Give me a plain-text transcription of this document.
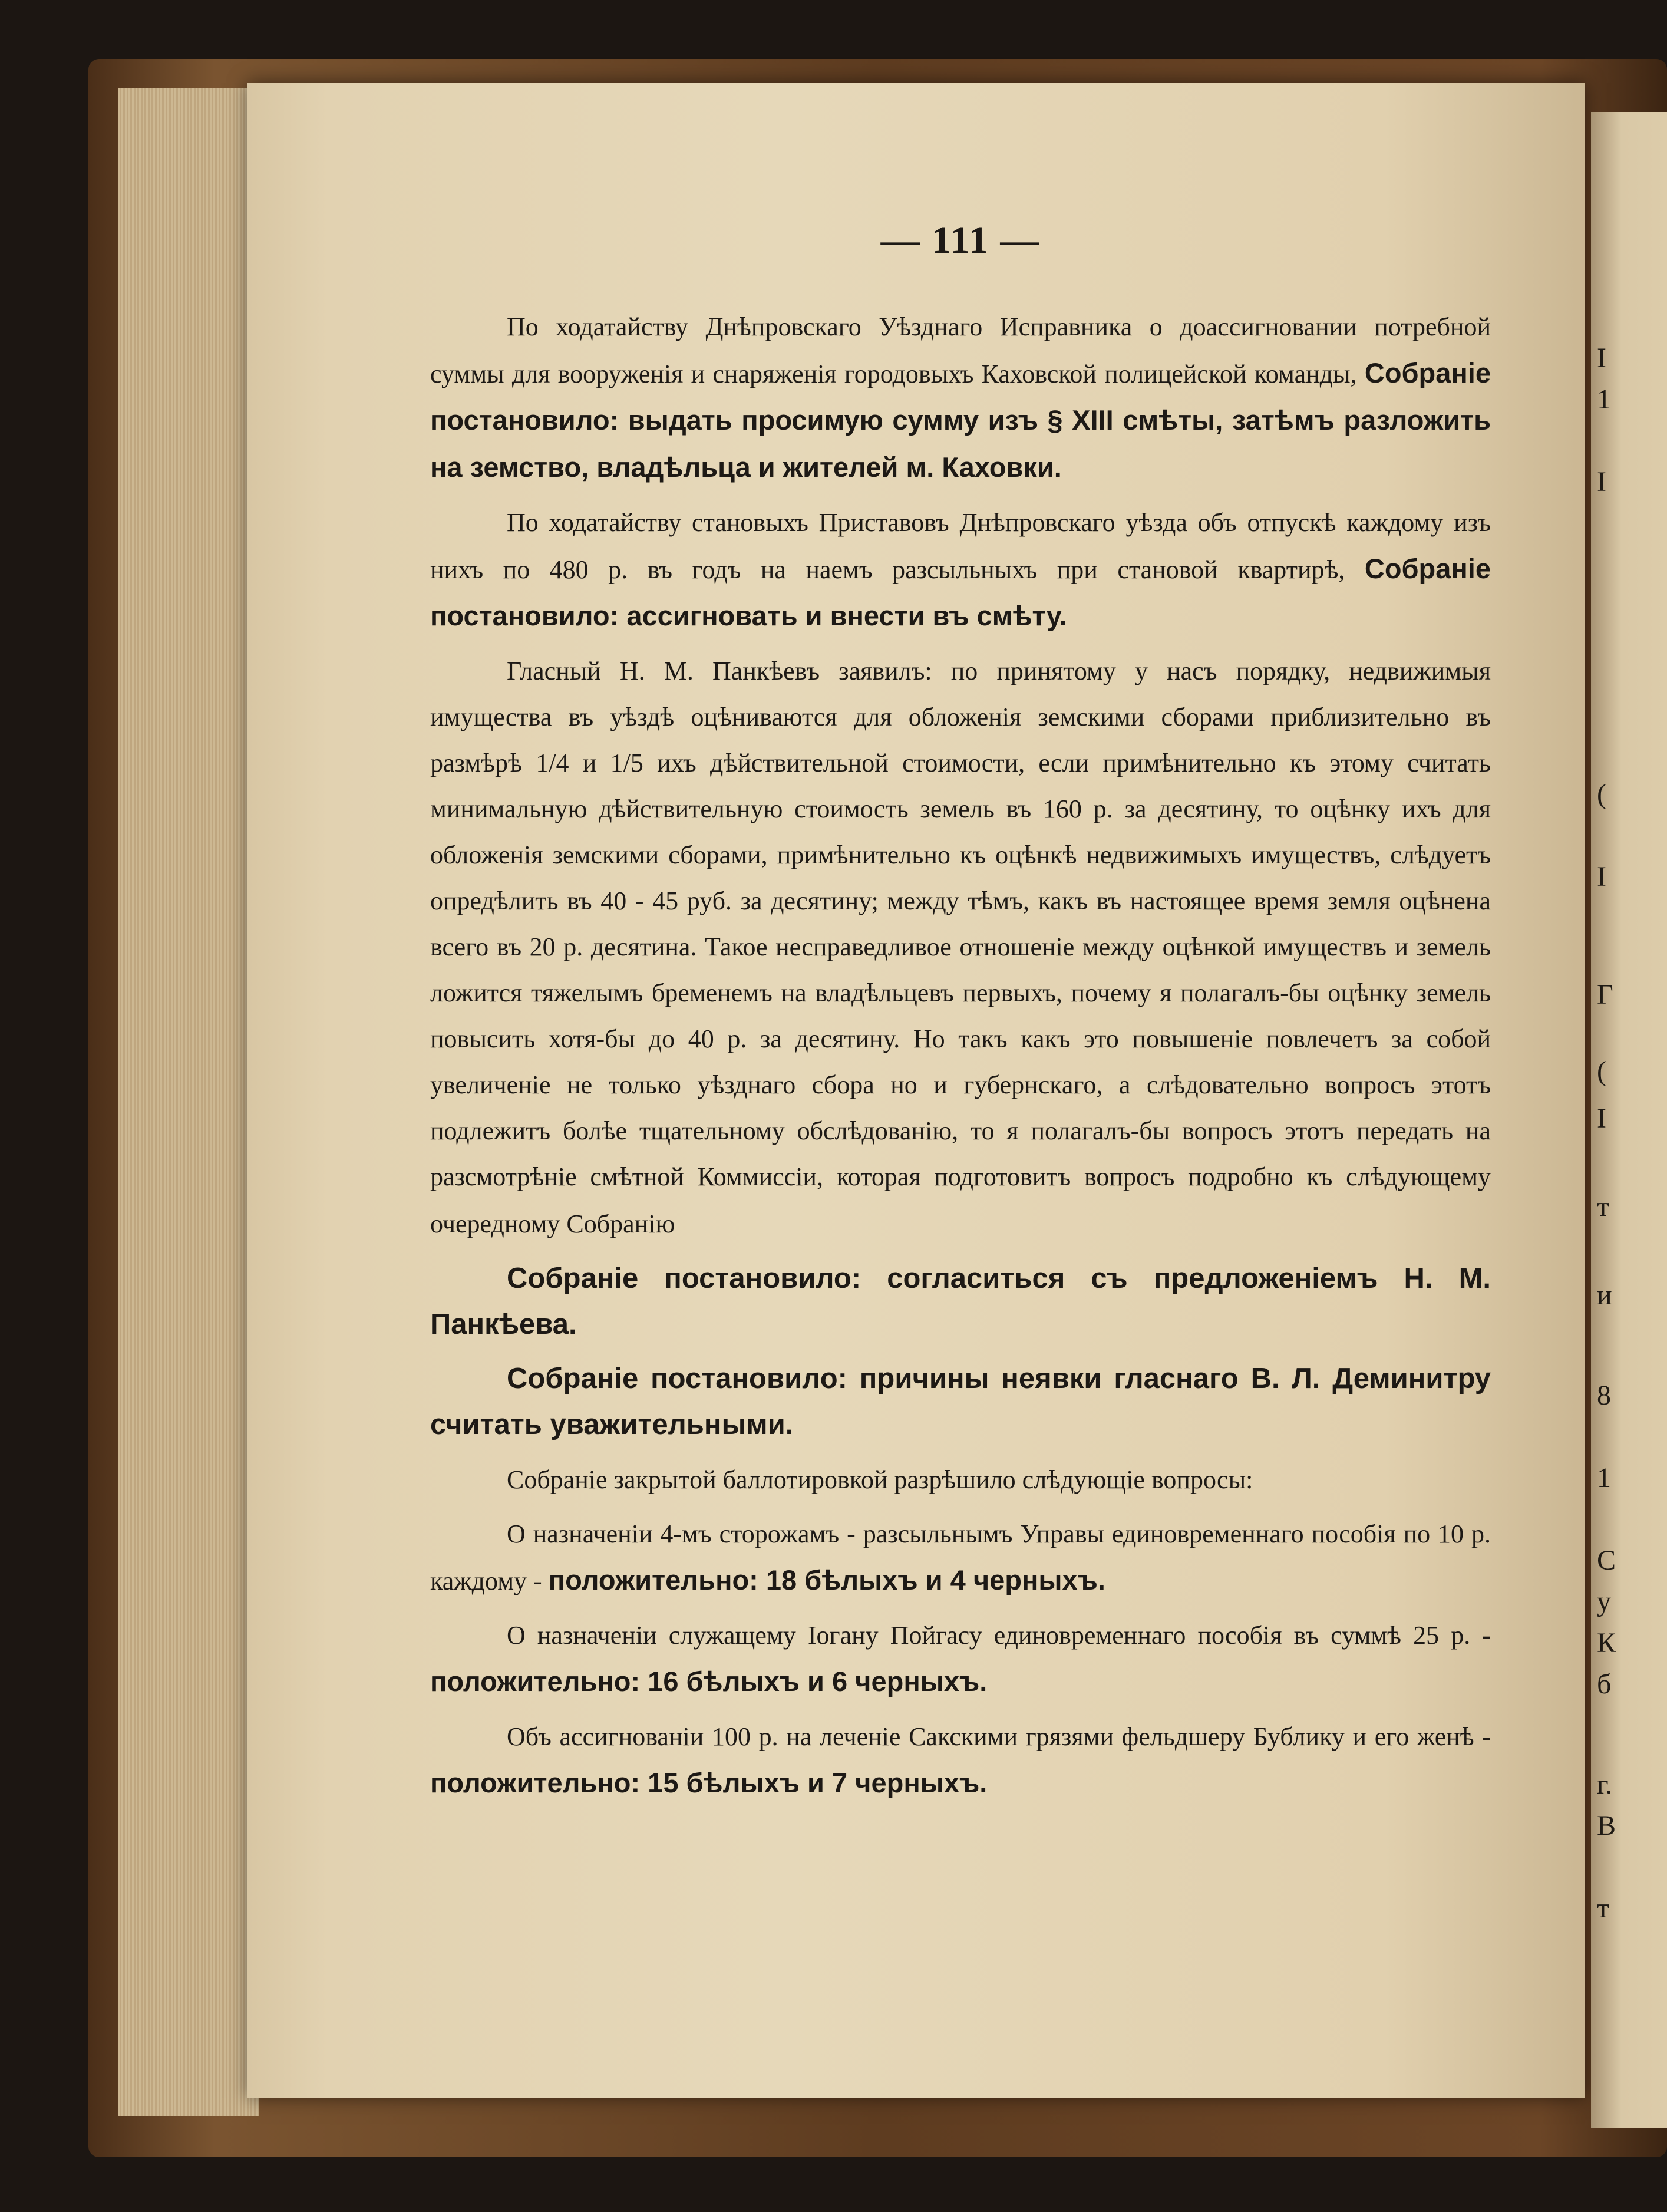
I
1
I
(
I
Г
(
I
т
и
8
1
С
у
К
б
г.
В
т
— 111 —

По ходатайству Днѣпровскаго Уѣзднаго Исправника о доасcигновании потребной суммы для вооруженія и снаряженія городовыхъ Каховской полицейской команды, Собраніе постановило: выдать просимую сумму изъ § XIII смѣты, затѣмъ разложить на земство, владѣльца и жителей м. Каховки.

По ходатайству становыхъ Приставовъ Днѣпровскаго уѣзда объ отпускѣ каждому изъ нихъ по 480 р. въ годъ на наемъ разсыльныхъ при становой квартирѣ, Собраніе постановило: ассигновать и внести въ смѣту.

Гласный Н. М. Панкѣевъ заявилъ: по принятому у насъ порядку, недвижимыя имущества въ уѣздѣ оцѣниваются для обложенія земскими сборами приблизительно въ размѣрѣ 1/4 и 1/5 ихъ дѣйствительной стоимости, если примѣнительно къ этому считать минимальную дѣйствительную стоимость земель въ 160 р. за десятину, то оцѣнку ихъ для обложенія земскими сборами, примѣнительно къ оцѣнкѣ недвижимыхъ имуществъ, слѣдуетъ опредѣлить въ 40 - 45 руб. за десятину; между тѣмъ, какъ въ настоящее время земля оцѣнена всего въ 20 р. десятина. Такое несправедливое отношеніе между оцѣнкой имуществъ и земель ложится тяжелымъ бременемъ на владѣльцевъ первыхъ, почему я полагалъ-бы оцѣнку земель повысить хотя-бы до 40 р. за десятину. Но такъ какъ это повышеніе повлечетъ за собой увеличеніе не только уѣзднаго сбора но и губернскаго, а слѣдовательно вопросъ этотъ подлежитъ болѣе тщательному обслѣдованію, то я полагалъ-бы вопросъ этотъ передать на разсмотрѣніе смѣтной Коммиссіи, которая подготовитъ вопросъ подробно къ слѣдующему очередному Собранію

Собраніе постановило: согласиться съ предложеніемъ Н. М. Панкѣева.

Собраніе постановило: причины неявки гласнаго В. Л. Деминитру считать уважительными.

Собраніе закрытой баллотировкой разрѣшило слѣдующіе вопросы:

О назначеніи 4-мъ сторожамъ - разсыльнымъ Управы единовременнаго пособія по 10 р. каждому - положительно: 18 бѣлыхъ и 4 черныхъ.

О назначеніи служащему Іогану Пойгасу единовременнаго пособія въ суммѣ 25 р. - положительно: 16 бѣлыхъ и 6 черныхъ.

Объ ассигнованіи 100 р. на леченіе Сакскими грязями фельдшеру Бублику и его женѣ - положительно: 15 бѣлыхъ и 7 черныхъ.
